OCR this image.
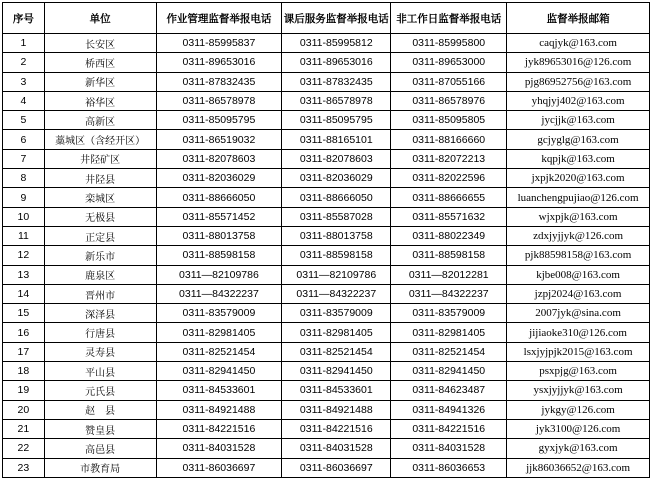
序号	单位	作业管理监督举报电话	课后服务监督举报电话	非工作日监督举报电话	监督举报邮箱
1	长安区	0311-85995837	0311-85995812	0311-85995800	caqjyk@163.com
2	桥西区	0311-89653016	0311-89653016	0311-89653000	jyk89653016@126.com
3	新华区	0311-87832435	0311-87832435	0311-87055166	pjg86952756@163.com
4	裕华区	0311-86578978	0311-86578978	0311-86578976	yhqjyj402@163.com
5	高新区	0311-85095795	0311-85095795	0311-85095805	jycjjk@163.com
6	藁城区（含经开区）	0311-86519032	0311-88165101	0311-88166660	gcjyglg@163.com
7	井陉矿区	0311-82078603	0311-82078603	0311-82072213	kqpjk@163.com
8	井陉县	0311-82036029	0311-82036029	0311-82022596	jxpjk2020@163.com
9	栾城区	0311-88666050	0311-88666050	0311-88666655	luanchengpujiao@126.com
10	无极县	0311-85571452	0311-85587028	0311-85571632	wjxpjk@163.com
11	正定县	0311-88013758	0311-88013758	0311-88022349	zdxjyjjyk@126.com
12	新乐市	0311-88598158	0311-88598158	0311-88598158	pjk88598158@163.com
13	鹿泉区	0311—82109786	0311—82109786	0311—82012281	kjbe008@163.com
14	晋州市	0311—84322237	0311—84322237	0311—84322237	jzpj2024@163.com
15	深泽县	0311-83579009	0311-83579009	0311-83579009	2007jyk@sina.com
16	行唐县	0311-82981405	0311-82981405	0311-82981405	jijiaoke310@126.com
17	灵寿县	0311-82521454	0311-82521454	0311-82521454	lsxjyjpjk2015@163.com
18	平山县	0311-82941450	0311-82941450	0311-82941450	psxpjg@163.com
19	元氏县	0311-84533601	0311-84533601	0311-84623487	ysxjyjjyk@163.com
20	赵　县	0311-84921488	0311-84921488	0311-84941326	jykgy@126.com
21	赞皇县	0311-84221516	0311-84221516	0311-84221516	jyk3100@126.com
22	高邑县	0311-84031528	0311-84031528	0311-84031528	gyxjyk@163.com
23	市教育局	0311-86036697	0311-86036697	0311-86036653	jjk86036652@163.com
